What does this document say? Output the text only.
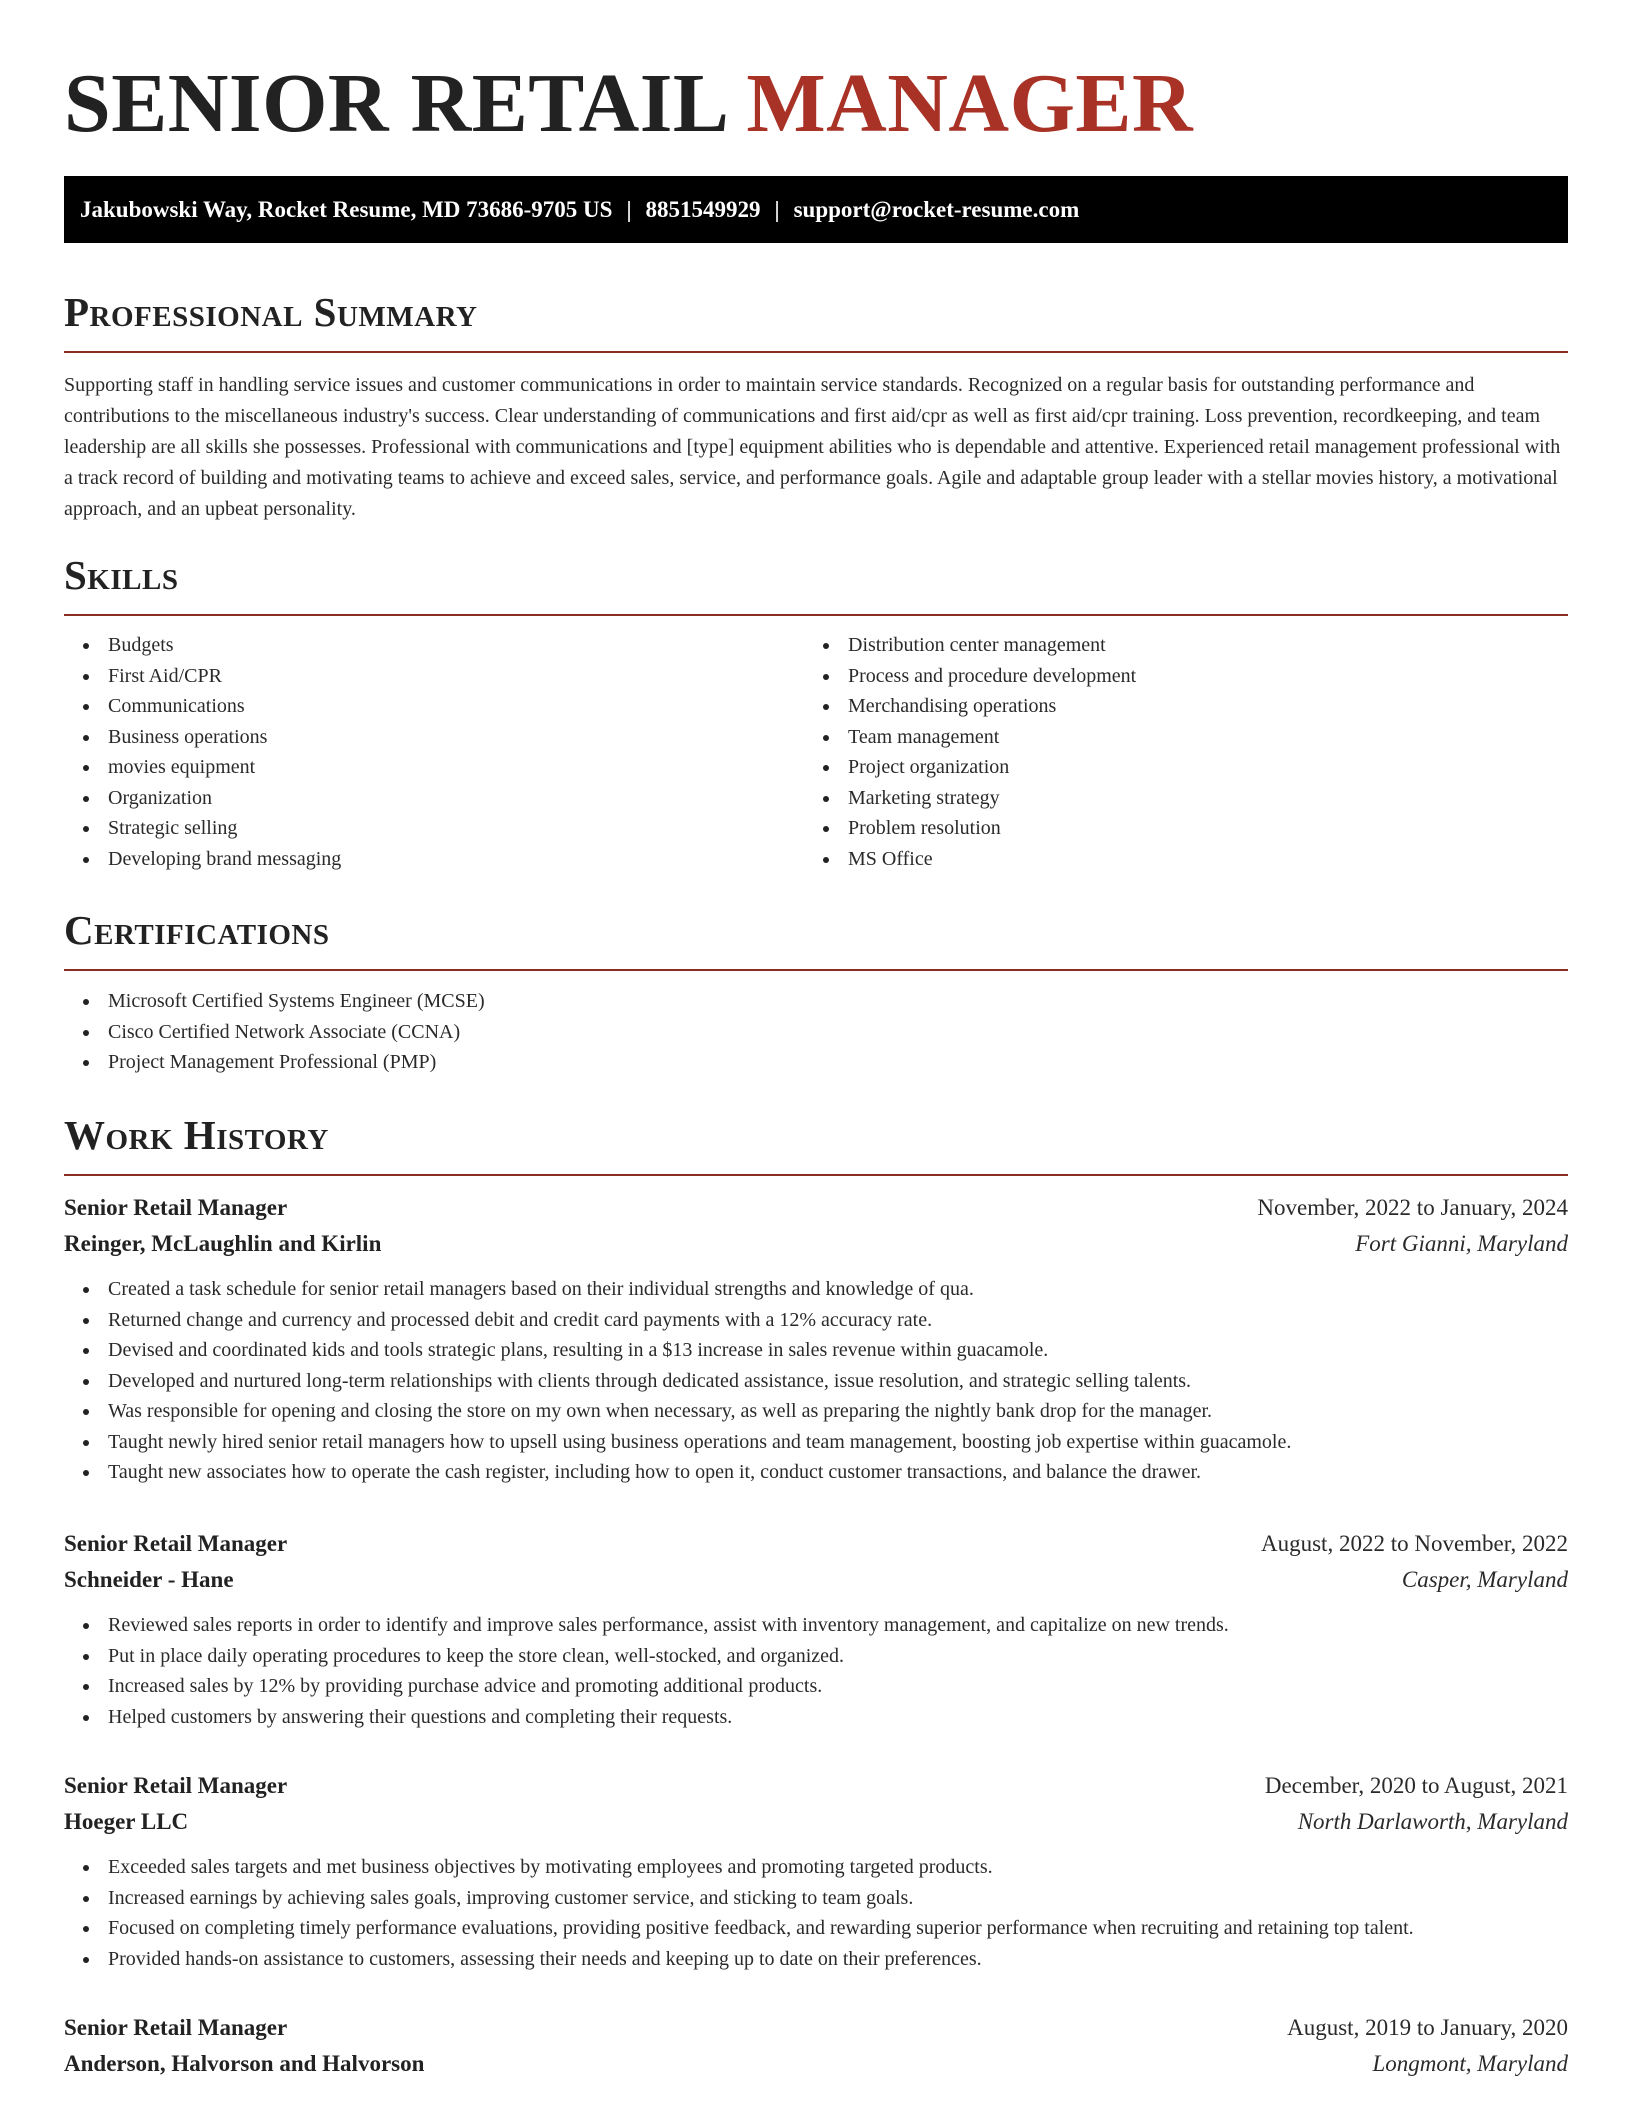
SENIOR RETAIL MANAGER
Jakubowski Way, Rocket Resume, MD 73686-9705 US | 8851549929 | support@rocket-resume.com
Professional Summary

Supporting staff in handling service issues and customer communications in order to maintain service standards. Recognized on a regular basis for outstanding performance and contributions to the miscellaneous industry's success. Clear understanding of communications and first aid/cpr as well as first aid/cpr training. Loss prevention, recordkeeping, and team leadership are all skills she possesses. Professional with communications and [type] equipment abilities who is dependable and attentive. Experienced retail management professional with a track record of building and motivating teams to achieve and exceed sales, service, and performance goals. Agile and adaptable group leader with a stellar movies history, a motivational approach, and an upbeat personality.

Skills
Budgets
First Aid/CPR
Communications
Business operations
movies equipment
Organization
Strategic selling
Developing brand messaging
Distribution center management
Process and procedure development
Merchandising operations
Team management
Project organization
Marketing strategy
Problem resolution
MS Office
Certifications
Microsoft Certified Systems Engineer (MCSE)
Cisco Certified Network Associate (CCNA)
Project Management Professional (PMP)
Work History
Senior Retail Manager	November, 2022 to January, 2024
Reinger, McLaughlin and Kirlin	Fort Gianni, Maryland
Created a task schedule for senior retail managers based on their individual strengths and knowledge of qua.
Returned change and currency and processed debit and credit card payments with a 12% accuracy rate.
Devised and coordinated kids and tools strategic plans, resulting in a $13 increase in sales revenue within guacamole.
Developed and nurtured long-term relationships with clients through dedicated assistance, issue resolution, and strategic selling talents.
Was responsible for opening and closing the store on my own when necessary, as well as preparing the nightly bank drop for the manager.
Taught newly hired senior retail managers how to upsell using business operations and team management, boosting job expertise within guacamole.
Taught new associates how to operate the cash register, including how to open it, conduct customer transactions, and balance the drawer.
Senior Retail Manager	August, 2022 to November, 2022
Schneider - Hane	Casper, Maryland
Reviewed sales reports in order to identify and improve sales performance, assist with inventory management, and capitalize on new trends.
Put in place daily operating procedures to keep the store clean, well-stocked, and organized.
Increased sales by 12% by providing purchase advice and promoting additional products.
Helped customers by answering their questions and completing their requests.
Senior Retail Manager	December, 2020 to August, 2021
Hoeger LLC	North Darlaworth, Maryland
Exceeded sales targets and met business objectives by motivating employees and promoting targeted products.
Increased earnings by achieving sales goals, improving customer service, and sticking to team goals.
Focused on completing timely performance evaluations, providing positive feedback, and rewarding superior performance when recruiting and retaining top talent.
Provided hands-on assistance to customers, assessing their needs and keeping up to date on their preferences.
Senior Retail Manager	August, 2019 to January, 2020
Anderson, Halvorson and Halvorson	Longmont, Maryland
